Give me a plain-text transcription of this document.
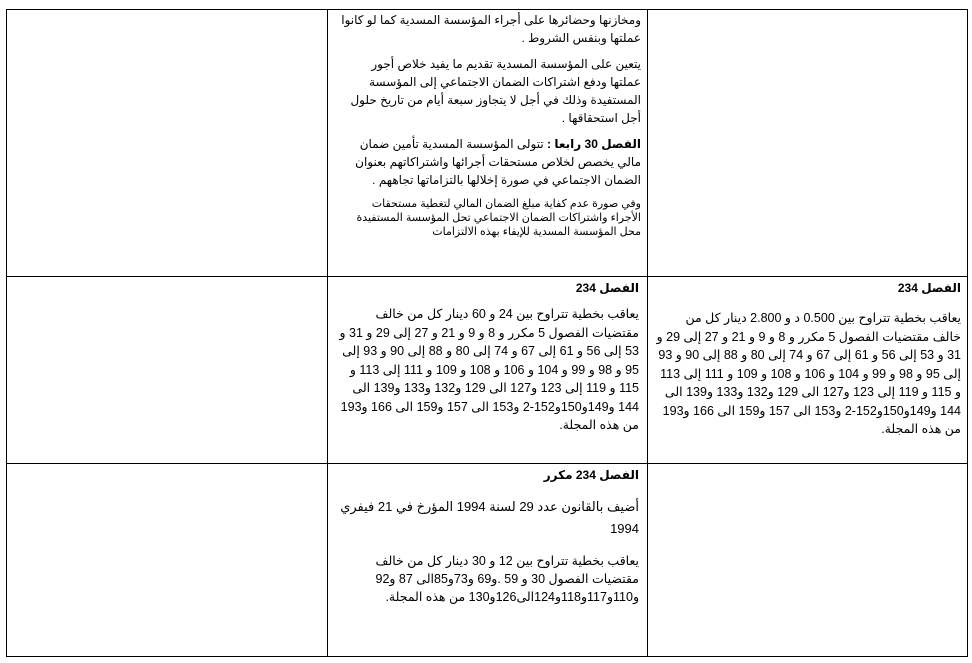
ومخازنها وحضائرها على أجراء المؤسسة المسدية كما لو كانوا عملتها وبنفس الشروط .

يتعين على المؤسسة المسدية تقديم ما يفيد خلاص أجور عملتها ودفع اشتراكات الضمان الاجتماعي إلى المؤسسة المستفيدة وذلك في أجل لا يتجاوز سبعة أيام من تاريخ حلول أجل استحقاقها .

الفصل 30 رابعا : تتولى المؤسسة المسدية تأمين ضمان مالي يخصص لخلاص مستحقات أجرائها واشتراكاتهم بعنوان الضمان الاجتماعي في صورة إخلالها بالتزاماتها تجاههم .

وفي صورة عدم كفاية مبلغ الضمان المالي لتغطية مستحقات الأجراء واشتراكات الضمان الاجتماعي تحل المؤسسة المستفيدة محل المؤسسة المسدية للإيفاء بهذه الالتزامات

الفصل 234

يعاقب بخطية تتراوح بين 0.500 د و 2.800 دينار كل من خالف مقتضيات الفصول 5 مكرر و 8 و 9 و 21 و 27 إلى 29 و 31 و 53 إلى 56 و 61 إلى 67 و 74 إلى 80 و 88 إلى 90 و 93 إلى 95 و 98 و 99 و 104 و 106 و 108 و 109 و 111 إلى 113 و 115 و 119 إلى 123 و127 الى 129 و132 و133 و139 الى 144 و149و150و152-2 و153 الى 157 و159 الى 166 و193 من هذه المجلة.

الفصل 234

يعاقب بخطية تتراوح بين 24 و 60 دينار كل من خالف مقتضيات الفصول 5 مكرر و 8 و 9 و 21 و 27 إلى 29 و 31 و 53 إلى 56 و 61 إلى 67 و 74 إلى 80 و 88 إلى 90 و 93 إلى 95 و 98 و 99 و 104 و 106 و 108 و 109 و 111 إلى 113 و 115 و 119 إلى 123 و127 الى 129 و132 و133 و139 الى 144 و149و150و152-2 و153 الى 157 و159 الى 166 و193 من هذه المجلة.

الفصل 234 مكرر

أضيف بالقانون عدد 29 لسنة 1994 المؤرخ في 21 فيفري 1994

يعاقب بخطية تتراوح بين 12 و 30 دينار كل من خالف مقتضيات الفصول 30 و 59 .و69 و73و85الى 87 و92 و110و117و118و124الى126و130 من هذه المجلة.
